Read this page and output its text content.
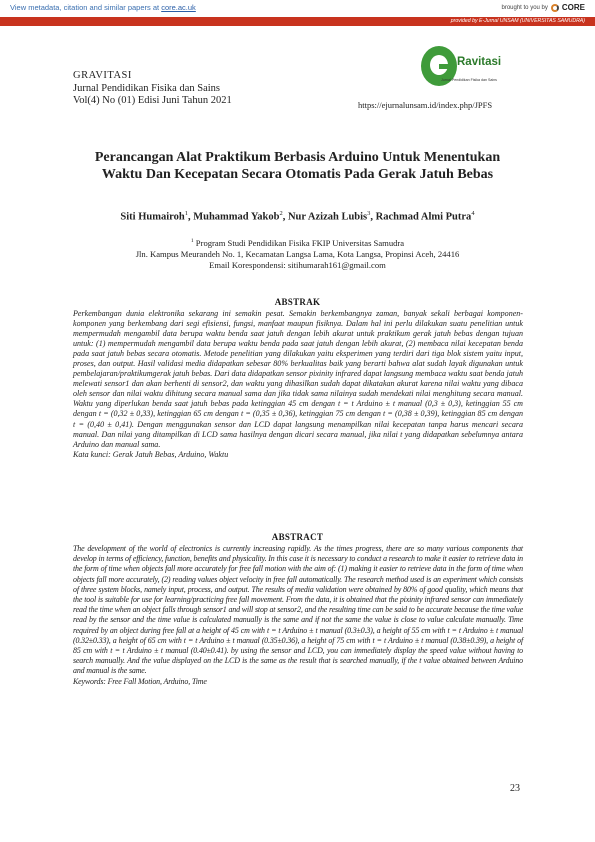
View metadata, citation and similar papers at core.ac.uk	brought to you by CORE
provided by E-Jurnal UNSAM (UNIVERSITAS SAMUDRA)
GRAVITASI
Jurnal Pendidikan Fisika dan Sains
Vol(4) No (01) Edisi Juni Tahun 2021
Ravitasi
Jurnal Pendidikan Fisika dan Sains
https://ejurnalunsam.id/index.php/JPFS
Perancangan Alat Praktikum Berbasis Arduino Untuk Menentukan
Waktu Dan Kecepatan Secara Otomatis Pada Gerak Jatuh Bebas
Siti Humairoh$^1$, Muhammad Yakob$^2$, Nur Azizah Lubis$^3$, Rachmad Almi Putra$^4$
$^1$ Program Studi Pendidikan Fisika FKIP Universitas Samudra
Jln. Kampus Meurandeh No. 1, Kecamatan Langsa Lama, Kota Langsa, Propinsi Aceh, 24416
Email Korespondensi: sitihumarah161@gmail.com
ABSTRAK
Perkembangan dunia elektronika sekarang ini semakin pesat. Semakin berkembangnya zaman, banyak sekali berbagai komponen-komponen yang berkembang dari segi efisiensi, fungsi, manfaat maupun fisiknya. Dalam hal ini perlu dilakukan suatu penelitian untuk mempermudah mengambil data berupa waktu benda saat jatuh dengan lebih akurat untuk praktikum gerak jatuh bebas dengan tujuan untuk: (1) mempermudah mengambil data berupa waktu benda pada saat jatuh dengan lebih akurat, (2) membaca nilai kecepatan benda pada saat jatuh bebas secara otomatis. Metode penelitian yang dilakukan yaitu eksperimen yang terdiri dari tiga blok sistem yaitu input, proses, dan output. Hasil validasi media didapatkan sebesar 80% berkualitas baik yang berarti bahwa alat sudah layak digunakan untuk pembelajaran/praktikumgerak jatuh bebas. Dari data didapatkan sensor pixinity infrared dapat langsung membaca waktu saat benda jatuh melewati sensor1 dan akan berhenti di sensor2, dan waktu yang dihasilkan sudah dapat dikatakan akurat karena nilai waktu yang dibaca oleh sensor dan nilai waktu dihitung secara manual sama dan jika tidak sama nilainya sudah mendekati nilai menghitung secara manual. Waktu yang diperlukan benda saat jatuh bebas pada ketinggian 45 cm dengan t = t Arduino ± t manual (0,3 ± 0,3), ketinggian 55 cm dengan t = (0,32 ± 0,33), ketinggian 65 cm dengan t = (0,35 ± 0,36), ketinggian 75 cm dengan t = (0,38 ± 0,39), ketinggian 85 cm dengan t = (0,40 ± 0,41). Dengan menggunakan sensor dan LCD dapat langsung menampilkan nilai kecepatan tanpa harus mencari secara manual. Dan nilai yang ditampilkan di LCD sama hasilnya dengan dicari secara manual, jika nilai t yang didapatkan sebelumnya antara Arduino dan manual sama.
Kata kunci: Gerak Jatuh Bebas, Arduino, Waktu
ABSTRACT
The development of the world of electronics is currently increasing rapidly. As the times progress, there are so many various components that develop in terms of efficiency, function, benefits and physicality. In this case it is necessary to conduct a research to make it easier to retrieve data in the form of time when objects fall more accurately for free fall motion with the aim of: (1) making it easier to retrieve data in the form of time when objects fall more accurately, (2) reading values object velocity in free fall automatically. The research method used is an experiment which consists of three system blocks, namely input, process, and output. The results of media validation were obtained by 80% of good quality, which means that the tool is suitable for use for learning/practicing free fall movement. From the data, it is obtained that the pixinity infrared sensor can immediately read the time when an object falls through sensor1 and will stop at sensor2, and the resulting time can be said to be accurate because the time value read by the sensor and the time value is calculated manually is the same and if not the same the value is close to value calculate manually. Time required by an object during free fall at a height of 45 cm with t = t Arduino ± t manual (0.3±0.3), a height of 55 cm with t = t Arduino ± t manual (0.32±0.33), a height of 65 cm with t = t Arduino ± t manual (0.35±0.36), a height of 75 cm with t = t Arduino ± t manual (0.38±0.39), a height of 85 cm with t = t Arduino ± t manual (0.40±0.41). by using the sensor and LCD, you can immediately display the speed value without having to search manually. And the value displayed on the LCD is the same as the result that is searched manually, if the t value obtained between Arduino and manual is the same.
Keywords: Free Fall Motion, Arduino, Time
23
